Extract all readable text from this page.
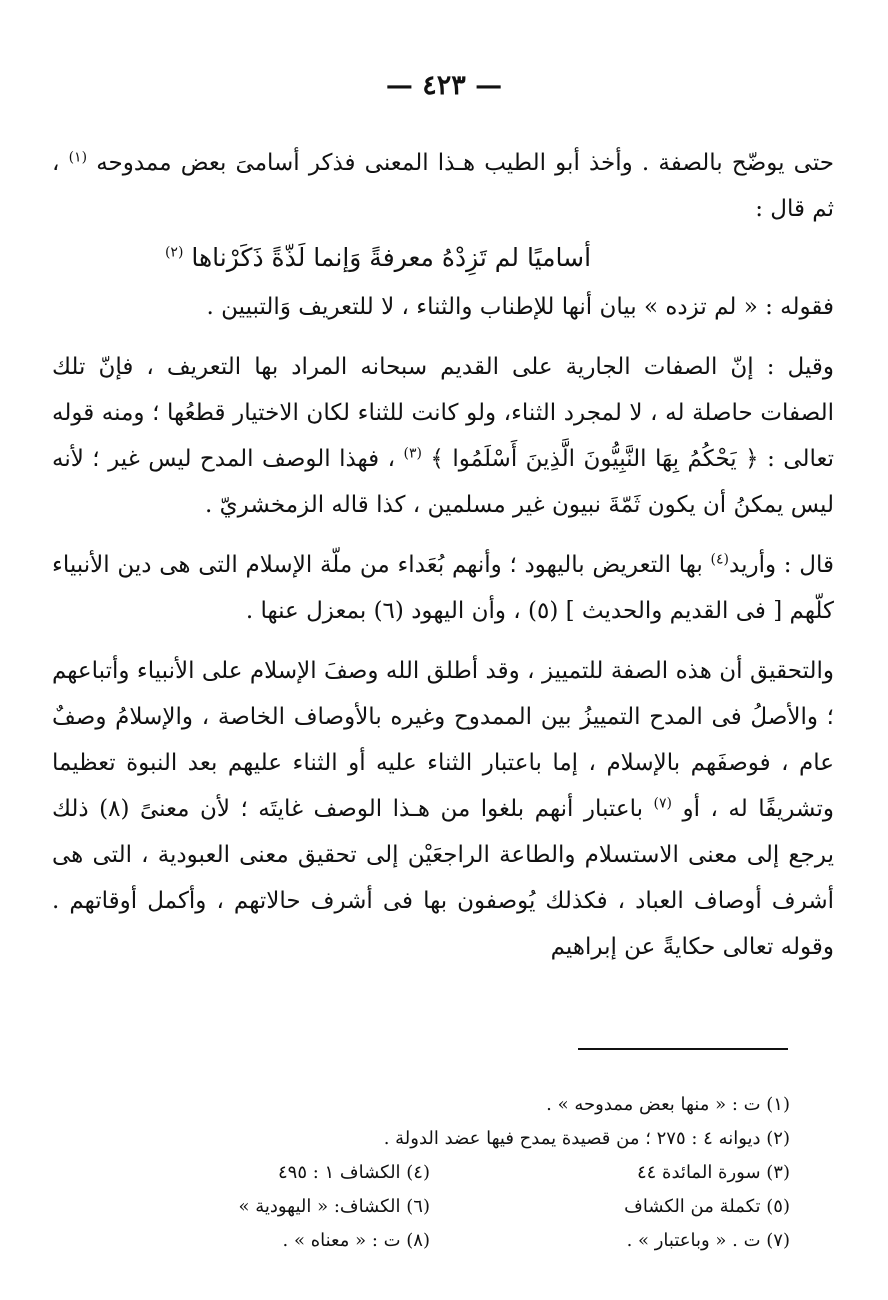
— ٤٢٣ —

حتى يوضّح بالصفة . وأخذ أبو الطيب هـذا المعنى فذكر أسامىَ بعض ممدوحه $^{(١)}$ ، ثم قال :

أساميًا لم تَزِدْهُ معرفةً وَإنما لَذّةً ذَكَرْناها $^{(٢)}$

فقوله : « لم تزده » بيان أنها للإطناب والثناء ، لا للتعريف وَالتبيين .

وقيل : إنّ الصفات الجارية على القديم سبحانه المراد بها التعريف ، فإنّ تلك الصفات حاصلة له ، لا لمجرد الثناء، ولو كانت للثناء لكان الاختيار قطعُها ؛ ومنه قوله تعالى : ﴿ يَحْكُمُ بِهَا النَّبِيُّونَ الَّذِينَ أَسْلَمُوا ﴾ $^{(٣)}$ ، فهذا الوصف المدح ليس غير ؛ لأنه ليس يمكنُ أن يكون ثَمّةَ نبيون غير مسلمين ، كذا قاله الزمخشريّ .

قال : وأريد$^{(٤)}$ بها التعريض باليهود ؛ وأنهم بُعَداء من ملّة الإسلام التى هى دين الأنبياء كلّهم [ فى القديم والحديث ] (٥) ، وأن اليهود (٦) بمعزل عنها .

والتحقيق أن هذه الصفة للتمييز ، وقد أطلق الله وصفَ الإسلام على الأنبياء وأتباعهم ؛ والأصلُ فى المدح التمييزُ بين الممدوح وغيره بالأوصاف الخاصة ، والإسلامُ وصفٌ عام ، فوصفَهم بالإسلام ، إما باعتبار الثناء عليه أو الثناء عليهم بعد النبوة تعظيما وتشريفًا له ، أو $^{(٧)}$ باعتبار أنهم بلغوا من هـذا الوصف غايتَه ؛ لأن معنىً (٨) ذلك يرجع إلى معنى الاستسلام والطاعة الراجعَيْن إلى تحقيق معنى العبودية ، التى هى أشرف أوصاف العباد ، فكذلك يُوصفون بها فى أشرف حالاتهم ، وأكمل أوقاتهم . وقوله تعالى حكايةً عن إبراهيم

(١) ت : « منها بعض ممدوحه » .
(٢) ديوانه ٤ : ٢٧٥ ؛ من قصيدة يمدح فيها عضد الدولة .
(٣) سورة المائدة ٤٤
(٤) الكشاف ١ : ٤٩٥
(٥) تكملة من الكشاف
(٦) الكشاف: « اليهودية »
(٧) ت . « وباعتبار » .
(٨) ت : « معناه » .
